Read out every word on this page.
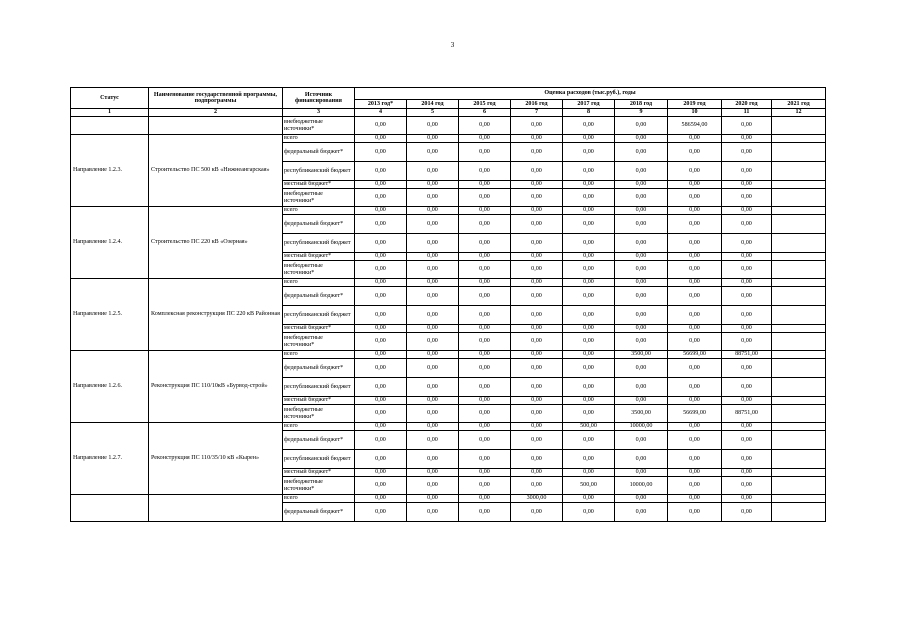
3
Статус	Наименование государственной программы, подпрограммы	Источник финансирования	Оценка расходов (тыс.руб.), годы								
			2013 год*	2014 год	2015 год	2016 год	2017 год	2018 год	2019 год	2020 год	2021 год
1	2	3	4	5	6	7	8	9	10	11	12
		внебюджетные источники*	0,00	0,00	0,00	0,00	0,00	0,00	586594,00	0,00	
Направление 1.2.3.	Строительство ПС 500 кВ «Нижнеангарская»	всего	0,00	0,00	0,00	0,00	0,00	0,00	0,00	0,00	
		федеральный бюджет*	0,00	0,00	0,00	0,00	0,00	0,00	0,00	0,00	
		республиканский бюджет	0,00	0,00	0,00	0,00	0,00	0,00	0,00	0,00	
		местный бюджет*	0,00	0,00	0,00	0,00	0,00	0,00	0,00	0,00	
		внебюджетные источники*	0,00	0,00	0,00	0,00	0,00	0,00	0,00	0,00	
Направление 1.2.4.	Строительство ПС 220 кВ «Озерная»	всего	0,00	0,00	0,00	0,00	0,00	0,00	0,00	0,00	
		федеральный бюджет*	0,00	0,00	0,00	0,00	0,00	0,00	0,00	0,00	
		республиканский бюджет	0,00	0,00	0,00	0,00	0,00	0,00	0,00	0,00	
		местный бюджет*	0,00	0,00	0,00	0,00	0,00	0,00	0,00	0,00	
		внебюджетные источники*	0,00	0,00	0,00	0,00	0,00	0,00	0,00	0,00	
Направление 1.2.5.	Комплексная реконструкция ПС 220 кВ Районная	всего	0,00	0,00	0,00	0,00	0,00	0,00	0,00	0,00	
		федеральный бюджет*	0,00	0,00	0,00	0,00	0,00	0,00	0,00	0,00	
		республиканский бюджет	0,00	0,00	0,00	0,00	0,00	0,00	0,00	0,00	
		местный бюджет*	0,00	0,00	0,00	0,00	0,00	0,00	0,00	0,00	
		внебюджетные источники*	0,00	0,00	0,00	0,00	0,00	0,00	0,00	0,00	
Направление 1.2.6.	Реконструкция ПС 110/10кВ «Бурвод-строй»	всего	0,00	0,00	0,00	0,00	0,00	3500,00	56699,00	88751,00	
		федеральный бюджет*	0,00	0,00	0,00	0,00	0,00	0,00	0,00	0,00	
		республиканский бюджет	0,00	0,00	0,00	0,00	0,00	0,00	0,00	0,00	
		местный бюджет*	0,00	0,00	0,00	0,00	0,00	0,00	0,00	0,00	
		внебюджетные источники*	0,00	0,00	0,00	0,00	0,00	3500,00	56699,00	88751,00	
Направление 1.2.7.	Реконструкция ПС 110/35/10 кВ «Кырен»	всего	0,00	0,00	0,00	0,00	500,00	10000,00	0,00	0,00	
		федеральный бюджет*	0,00	0,00	0,00	0,00	0,00	0,00	0,00	0,00	
		республиканский бюджет	0,00	0,00	0,00	0,00	0,00	0,00	0,00	0,00	
		местный бюджет*	0,00	0,00	0,00	0,00	0,00	0,00	0,00	0,00	
		внебюджетные источники*	0,00	0,00	0,00	0,00	500,00	10000,00	0,00	0,00	
		всего	0,00	0,00	0,00	3000,00	0,00	0,00	0,00	0,00	
		федеральный бюджет*	0,00	0,00	0,00	0,00	0,00	0,00	0,00	0,00	
